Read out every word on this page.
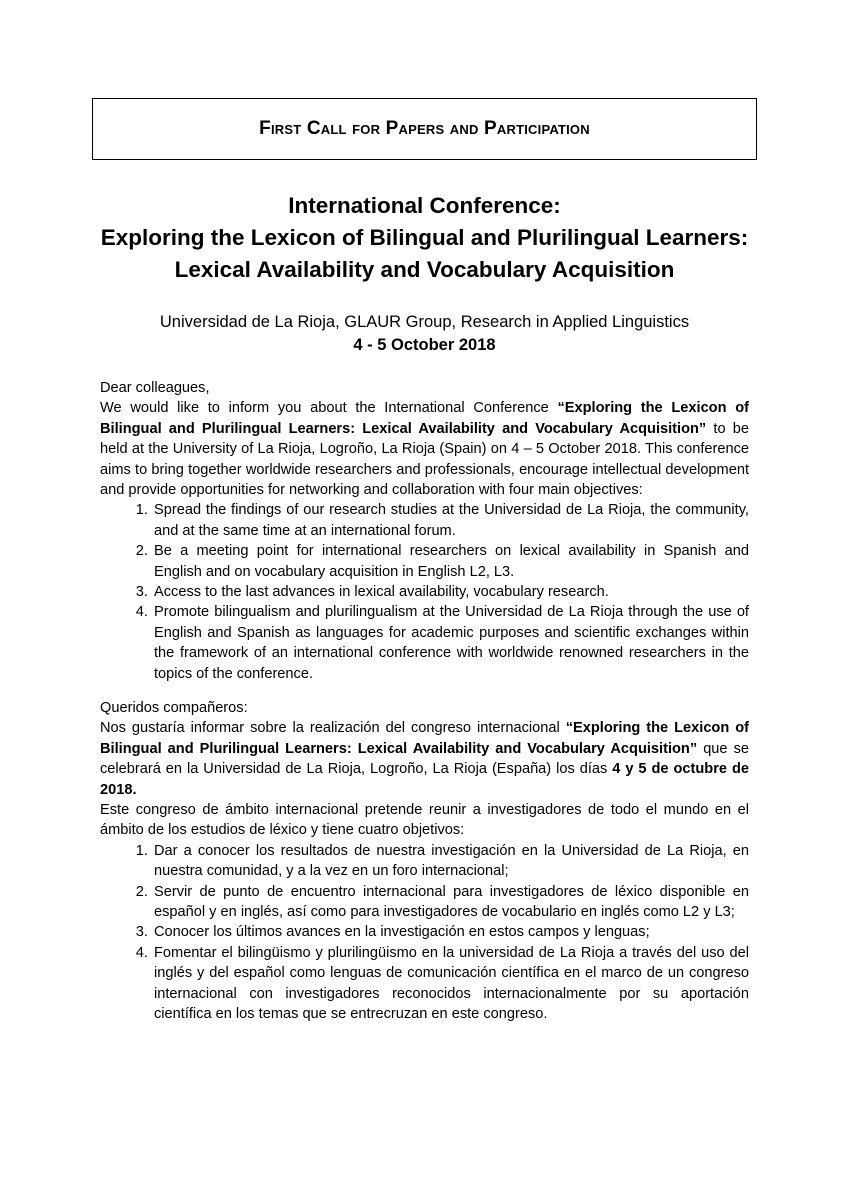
First Call for Papers and Participation
International Conference:
Exploring the Lexicon of Bilingual and Plurilingual Learners:
Lexical Availability and Vocabulary Acquisition
Universidad de La Rioja, GLAUR Group, Research in Applied Linguistics
4 - 5 October 2018

Dear colleagues,

We would like to inform you about the International Conference “Exploring the Lexicon of Bilingual and Plurilingual Learners: Lexical Availability and Vocabulary Acquisition” to be held at the University of La Rioja, Logroño, La Rioja (Spain) on 4 – 5 October 2018. This conference aims to bring together worldwide researchers and professionals, encourage intellectual development and provide opportunities for networking and collaboration with four main objectives:

1. Spread the findings of our research studies at the Universidad de La Rioja, the community, and at the same time at an international forum.
2. Be a meeting point for international researchers on lexical availability in Spanish and English and on vocabulary acquisition in English L2, L3.
3. Access to the last advances in lexical availability, vocabulary research.
4. Promote bilingualism and plurilingualism at the Universidad de La Rioja through the use of English and Spanish as languages for academic purposes and scientific exchanges within the framework of an international conference with worldwide renowned researchers in the topics of the conference.

Queridos compañeros:

Nos gustaría informar sobre la realización del congreso internacional “Exploring the Lexicon of Bilingual and Plurilingual Learners: Lexical Availability and Vocabulary Acquisition” que se celebrará en la Universidad de La Rioja, Logroño, La Rioja (España) los días 4 y 5 de octubre de 2018.

Este congreso de ámbito internacional pretende reunir a investigadores de todo el mundo en el ámbito de los estudios de léxico y tiene cuatro objetivos:

1. Dar a conocer los resultados de nuestra investigación en la Universidad de La Rioja, en nuestra comunidad, y a la vez en un foro internacional;
2. Servir de punto de encuentro internacional para investigadores de léxico disponible en español y en inglés, así como para investigadores de vocabulario en inglés como L2 y L3;
3. Conocer los últimos avances en la investigación en estos campos y lenguas;
4. Fomentar el bilingüismo y plurilingüismo en la universidad de La Rioja a través del uso del inglés y del español como lenguas de comunicación científica en el marco de un congreso internacional con investigadores reconocidos internacionalmente por su aportación científica en los temas que se entrecruzan en este congreso.
